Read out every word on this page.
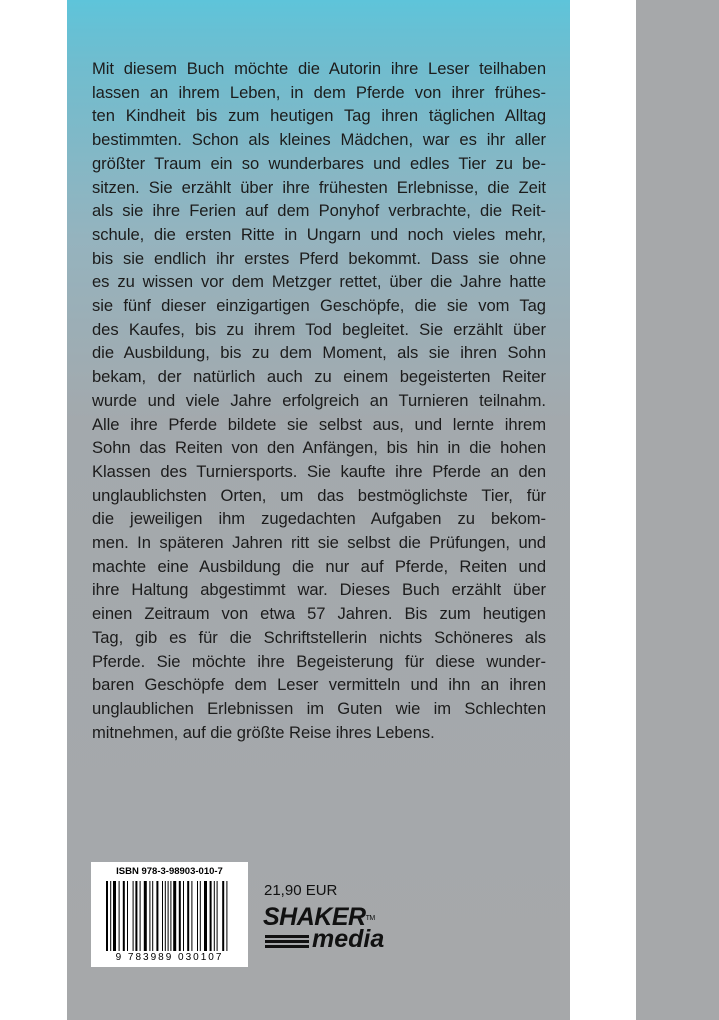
Mit diesem Buch möchte die Autorin ihre Leser teilhaben
lassen an ihrem Leben, in dem Pferde von ihrer frühes-
ten Kindheit bis zum heutigen Tag ihren täglichen Alltag
bestimmten. Schon als kleines Mädchen, war es ihr aller
größter Traum ein so wunderbares und edles Tier zu be-
sitzen. Sie erzählt über ihre frühesten Erlebnisse, die Zeit
als sie ihre Ferien auf dem Ponyhof verbrachte, die Reit-
schule, die ersten Ritte in Ungarn und noch vieles mehr,
bis sie endlich ihr erstes Pferd bekommt. Dass sie ohne
es zu wissen vor dem Metzger rettet, über die Jahre hatte
sie fünf dieser einzigartigen Geschöpfe, die sie vom Tag
des Kaufes, bis zu ihrem Tod begleitet. Sie erzählt über
die Ausbildung, bis zu dem Moment, als sie ihren Sohn
bekam, der natürlich auch zu einem begeisterten Reiter
wurde und viele Jahre erfolgreich an Turnieren teilnahm.
Alle ihre Pferde bildete sie selbst aus, und lernte ihrem
Sohn das Reiten von den Anfängen, bis hin in die hohen
Klassen des Turniersports. Sie kaufte ihre Pferde an den
unglaublichsten Orten, um das bestmöglichste Tier, für
die jeweiligen ihm zugedachten Aufgaben zu bekom-
men. In späteren Jahren ritt sie selbst die Prüfungen, und
machte eine Ausbildung die nur auf Pferde, Reiten und
ihre Haltung abgestimmt war. Dieses Buch erzählt über
einen Zeitraum von etwa 57 Jahren. Bis zum heutigen
Tag, gib es für die Schriftstellerin nichts Schöneres als
Pferde. Sie möchte ihre Begeisterung für diese wunder-
baren Geschöpfe dem Leser vermitteln und ihn an ihren
unglaublichen Erlebnissen im Guten wie im Schlechten
mitnehmen, auf die größte Reise ihres Lebens.
ISBN 978-3-98903-010-7
9 783989 030107
21,90 EUR
SHAKER™
media
